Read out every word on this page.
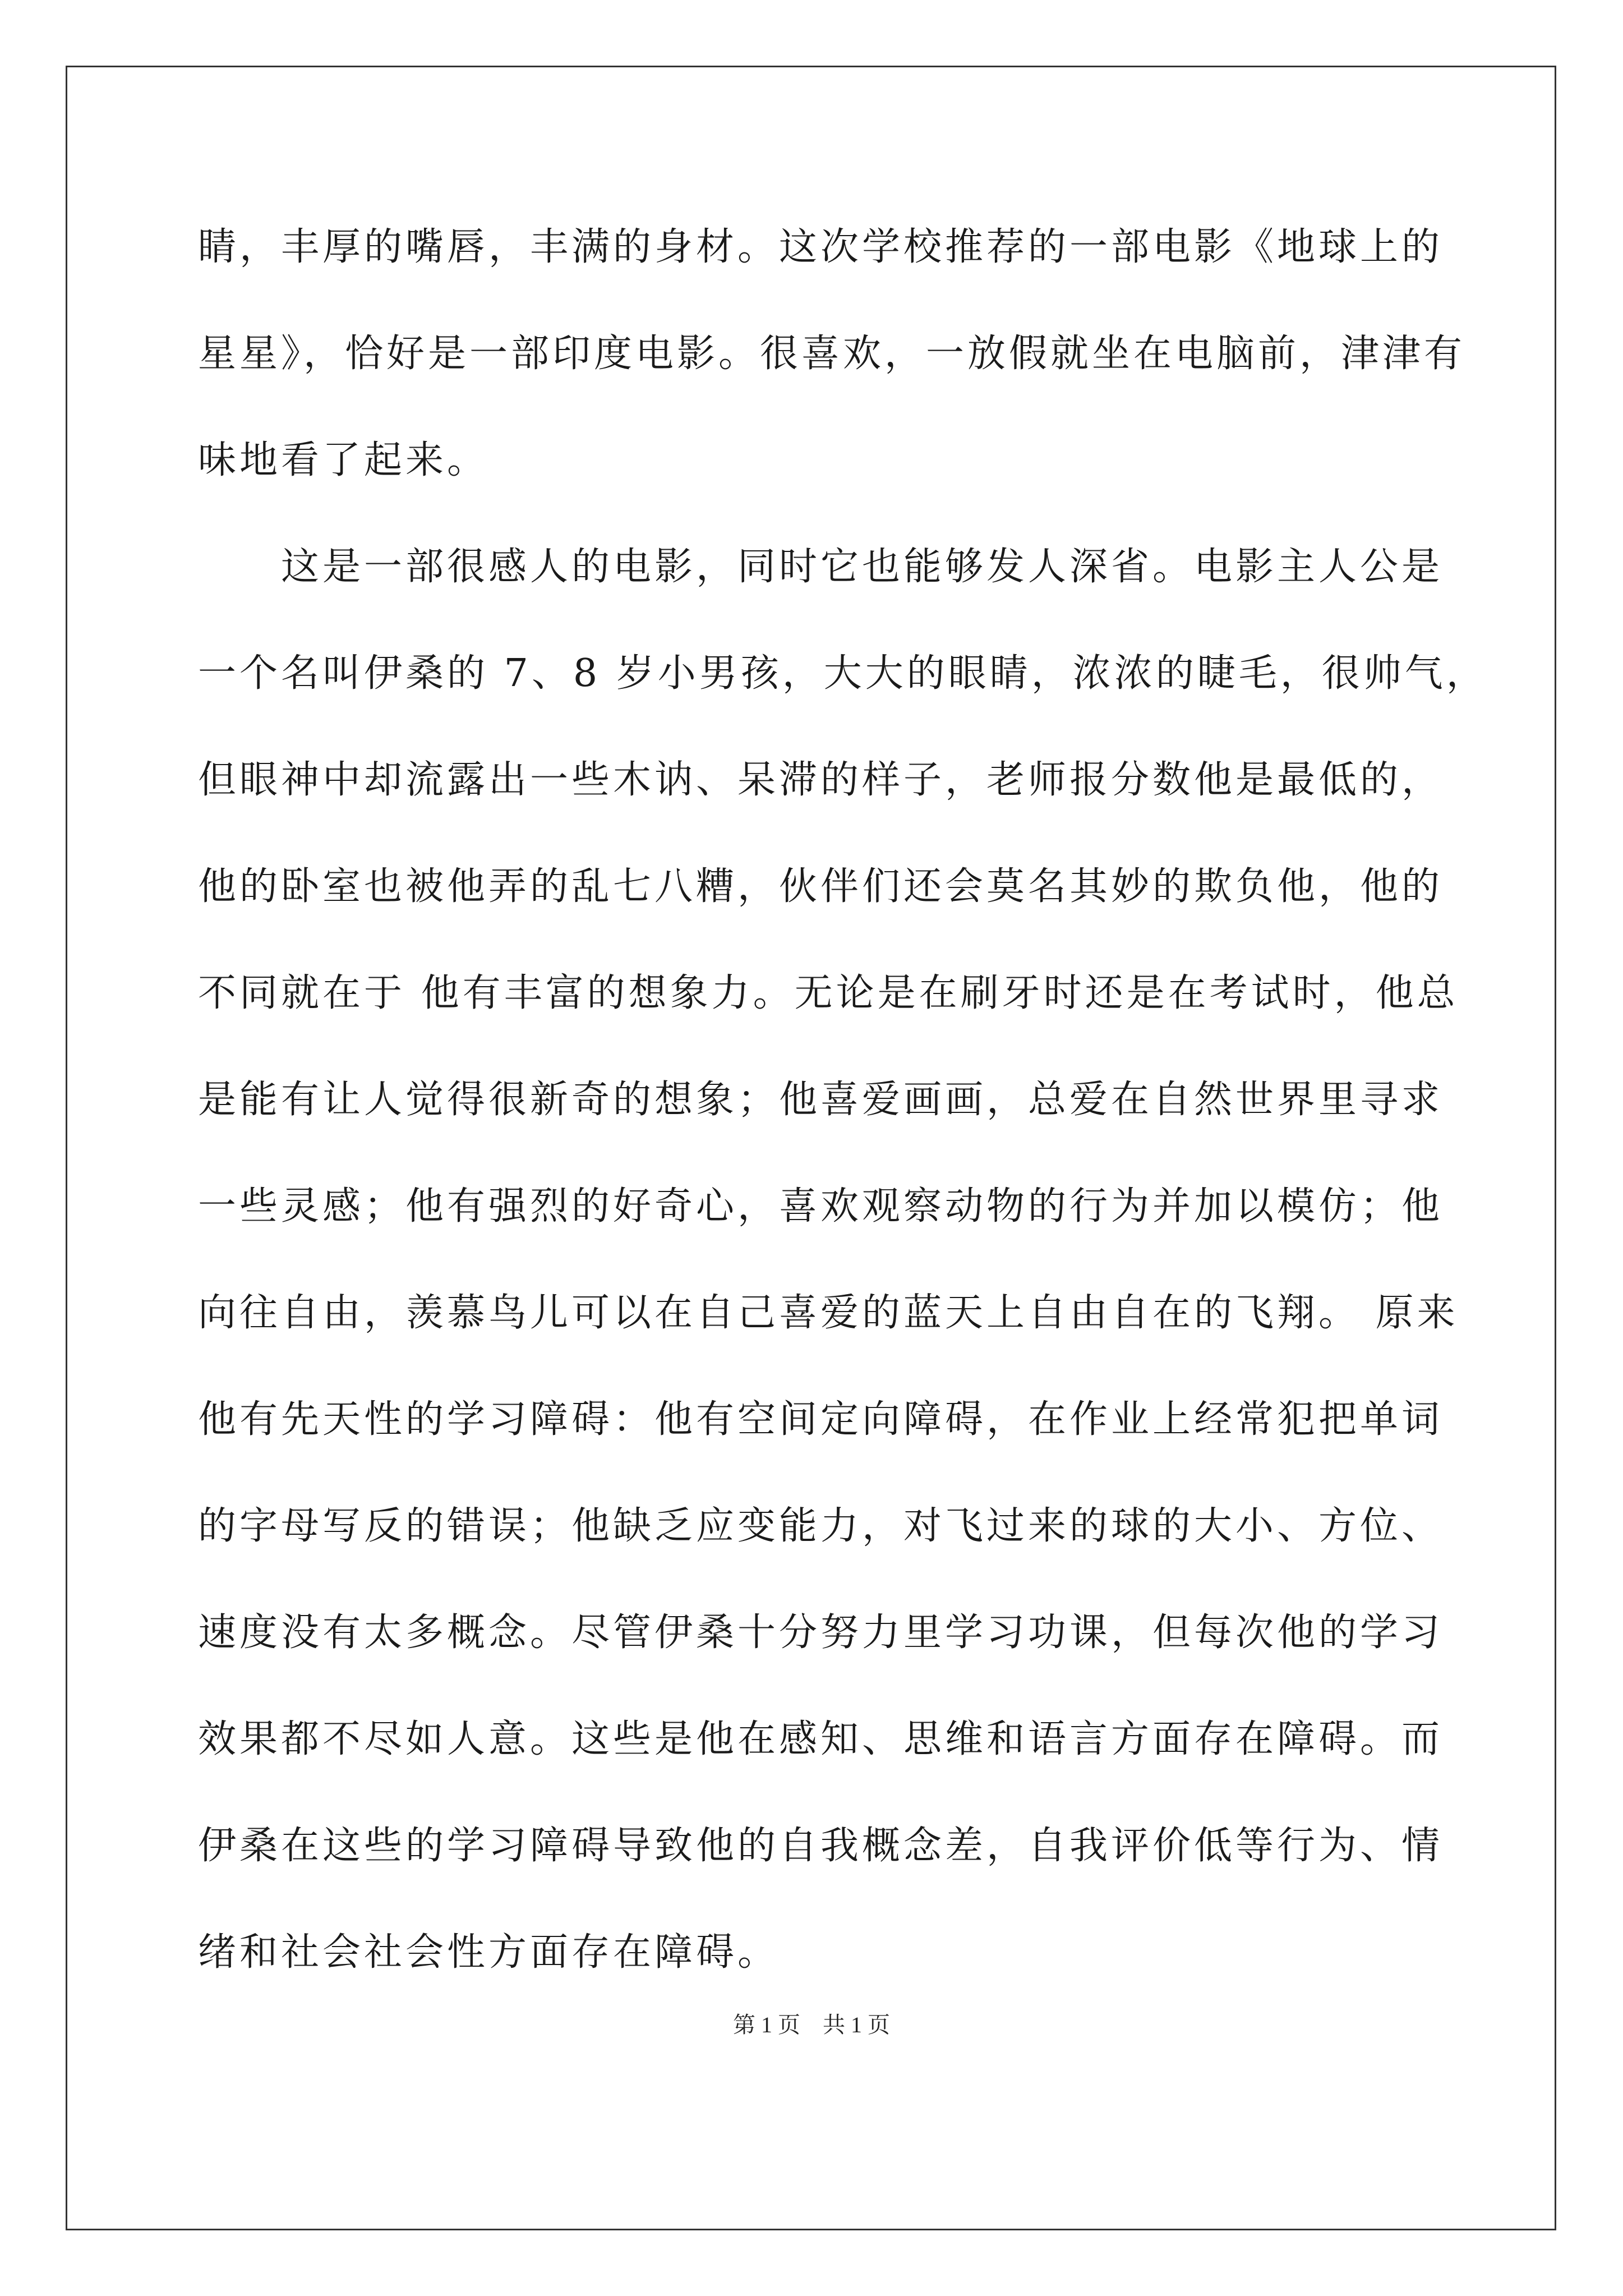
睛，丰厚的嘴唇，丰满的身材。这次学校推荐的一部电影《地球上的
星星》，恰好是一部印度电影。很喜欢，一放假就坐在电脑前，津津有
味地看了起来。
　　这是一部很感人的电影，同时它也能够发人深省。电影主人公是
一个名叫伊桑的 7、8 岁小男孩，大大的眼睛，浓浓的睫毛，很帅气，
但眼神中却流露出一些木讷、呆滞的样子，老师报分数他是最低的，
他的卧室也被他弄的乱七八糟，伙伴们还会莫名其妙的欺负他，他的
不同就在于 他有丰富的想象力。无论是在刷牙时还是在考试时，他总
是能有让人觉得很新奇的想象；他喜爱画画，总爱在自然世界里寻求
一些灵感；他有强烈的好奇心，喜欢观察动物的行为并加以模仿；他
向往自由，羡慕鸟儿可以在自己喜爱的蓝天上自由自在的飞翔。 原来
他有先天性的学习障碍：他有空间定向障碍，在作业上经常犯把单词
的字母写反的错误；他缺乏应变能力，对飞过来的球的大小、方位、
速度没有太多概念。尽管伊桑十分努力里学习功课，但每次他的学习
效果都不尽如人意。这些是他在感知、思维和语言方面存在障碍。而
伊桑在这些的学习障碍导致他的自我概念差，自我评价低等行为、情
绪和社会社会性方面存在障碍。
第 1 页　共 1 页
